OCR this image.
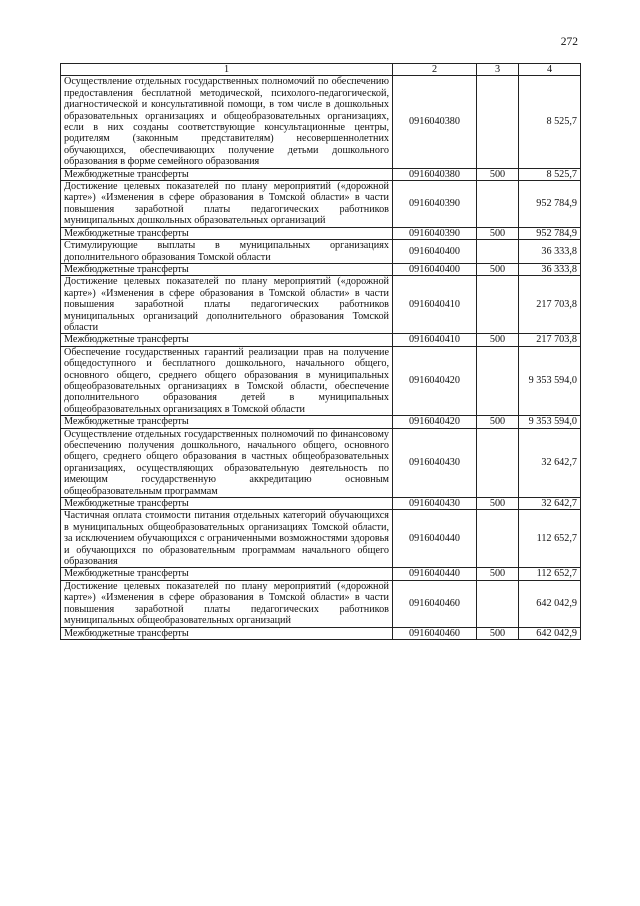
272
1	2	3	4
Осуществление отдельных государственных полномочий по обеспечению предоставления бесплатной методической, психолого-педагогической, диагностической и консультативной помощи, в том числе в дошкольных образовательных организациях и общеобразовательных организациях, если в них созданы соответствующие консультационные центры, родителям (законным представителям) несовершеннолетних обучающихся, обеспечивающих получение детьми дошкольного образования в форме семейного образования	0916040380		8 525,7
Межбюджетные трансферты	0916040380	500	8 525,7
Достижение целевых показателей по плану мероприятий («дорожной карте») «Изменения в сфере образования в Томской области» в части повышения заработной платы педагогических работников муниципальных дошкольных образовательных организаций	0916040390		952 784,9
Межбюджетные трансферты	0916040390	500	952 784,9
Стимулирующие выплаты в муниципальных организациях дополнительного образования Томской области	0916040400		36 333,8
Межбюджетные трансферты	0916040400	500	36 333,8
Достижение целевых показателей по плану мероприятий («дорожной карте») «Изменения в сфере образования в Томской области» в части повышения заработной платы педагогических работников муниципальных организаций дополнительного образования Томской области	0916040410		217 703,8
Межбюджетные трансферты	0916040410	500	217 703,8
Обеспечение государственных гарантий реализации прав на получение общедоступного и бесплатного дошкольного, начального общего, основного общего, среднего общего образования в муниципальных общеобразовательных организациях в Томской области, обеспечение дополнительного образования детей в муниципальных общеобразовательных организациях в Томской области	0916040420		9 353 594,0
Межбюджетные трансферты	0916040420	500	9 353 594,0
Осуществление отдельных государственных полномочий по финансовому обеспечению получения дошкольного, начального общего, основного общего, среднего общего образования в частных общеобразовательных организациях, осуществляющих образовательную деятельность по имеющим государственную аккредитацию основным общеобразовательным программам	0916040430		32 642,7
Межбюджетные трансферты	0916040430	500	32 642,7
Частичная оплата стоимости питания отдельных категорий обучающихся в муниципальных общеобразовательных организациях Томской области, за исключением обучающихся с ограниченными возможностями здоровья и обучающихся по образовательным программам начального общего образования	0916040440		112 652,7
Межбюджетные трансферты	0916040440	500	112 652,7
Достижение целевых показателей по плану мероприятий («дорожной карте») «Изменения в сфере образования в Томской области» в части повышения заработной платы педагогических работников муниципальных общеобразовательных организаций	0916040460		642 042,9
Межбюджетные трансферты	0916040460	500	642 042,9
